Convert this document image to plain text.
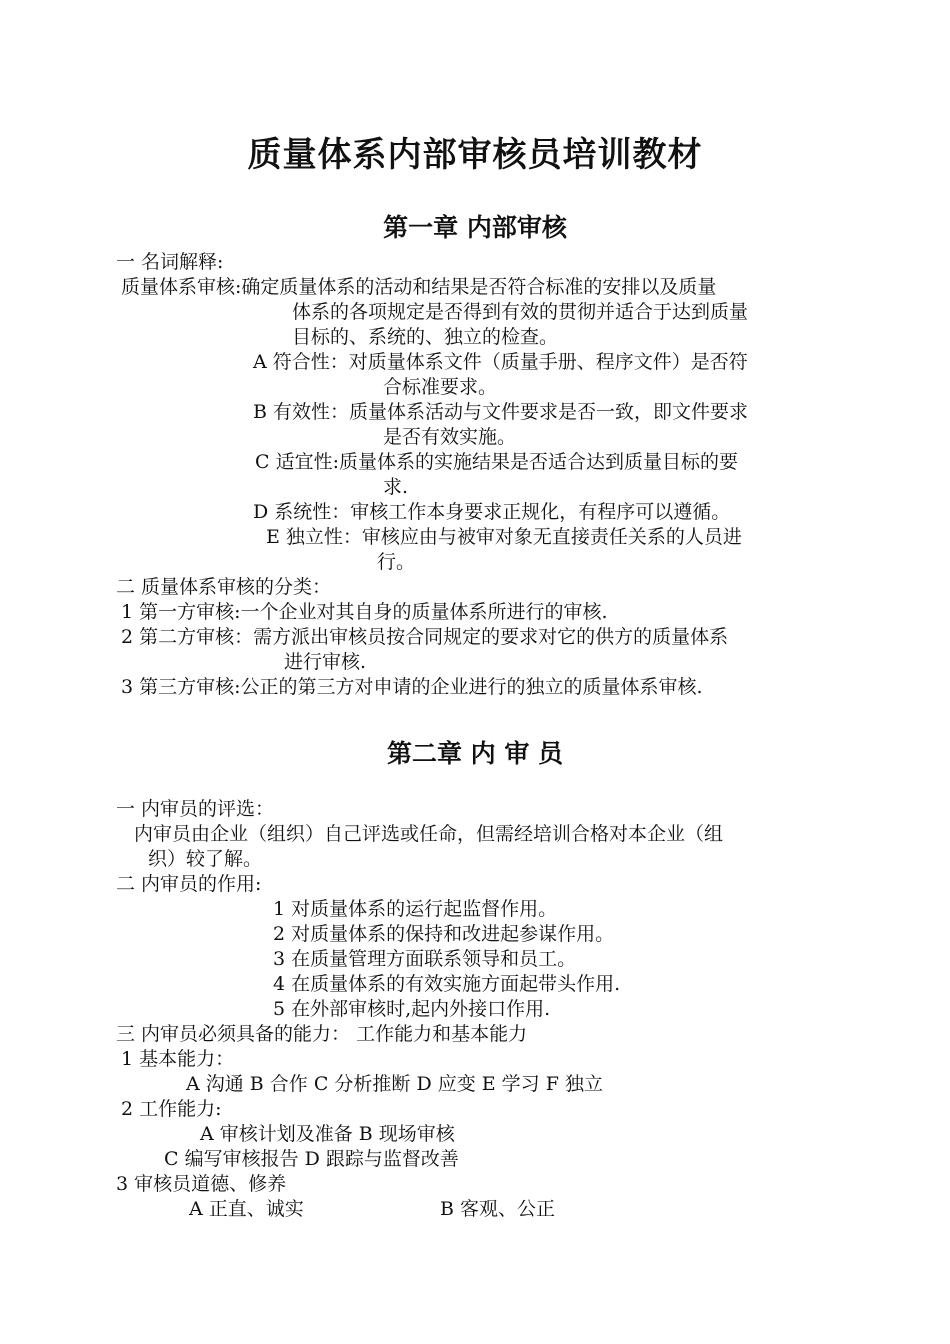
质量体系内部审核员培训教材
第一章 内部审核
一 名词解释:
质量体系审核:确定质量体系的活动和结果是否符合标准的安排以及质量
体系的各项规定是否得到有效的贯彻并适合于达到质量
目标的、系统的、独立的检查。
A 符合性：对质量体系文件（质量手册、程序文件）是否符
合标准要求。
B 有效性：质量体系活动与文件要求是否一致，即文件要求
是否有效实施。
C 适宜性:质量体系的实施结果是否适合达到质量目标的要
求.
D 系统性：审核工作本身要求正规化，有程序可以遵循。
E 独立性：审核应由与被审对象无直接责任关系的人员进
行。
二 质量体系审核的分类：
1 第一方审核:一个企业对其自身的质量体系所进行的审核.
2 第二方审核：需方派出审核员按合同规定的要求对它的供方的质量体系
进行审核.
3 第三方审核:公正的第三方对申请的企业进行的独立的质量体系审核.
第二章 内 审 员
一 内审员的评选：
内审员由企业（组织）自己评选或任命，但需经培训合格对本企业（组
织）较了解。
二 内审员的作用:
1 对质量体系的运行起监督作用。
2 对质量体系的保持和改进起参谋作用。
3 在质量管理方面联系领导和员工。
4 在质量体系的有效实施方面起带头作用.
5 在外部审核时,起内外接口作用.
三 内审员必须具备的能力： 工作能力和基本能力
1 基本能力：
A 沟通 B 合作 C 分析推断 D 应变 E 学习 F 独立
2 工作能力:
A 审核计划及准备 B 现场审核
C 编写审核报告 D 跟踪与监督改善
3 审核员道德、修养
A 正直、诚实	B 客观、公正
